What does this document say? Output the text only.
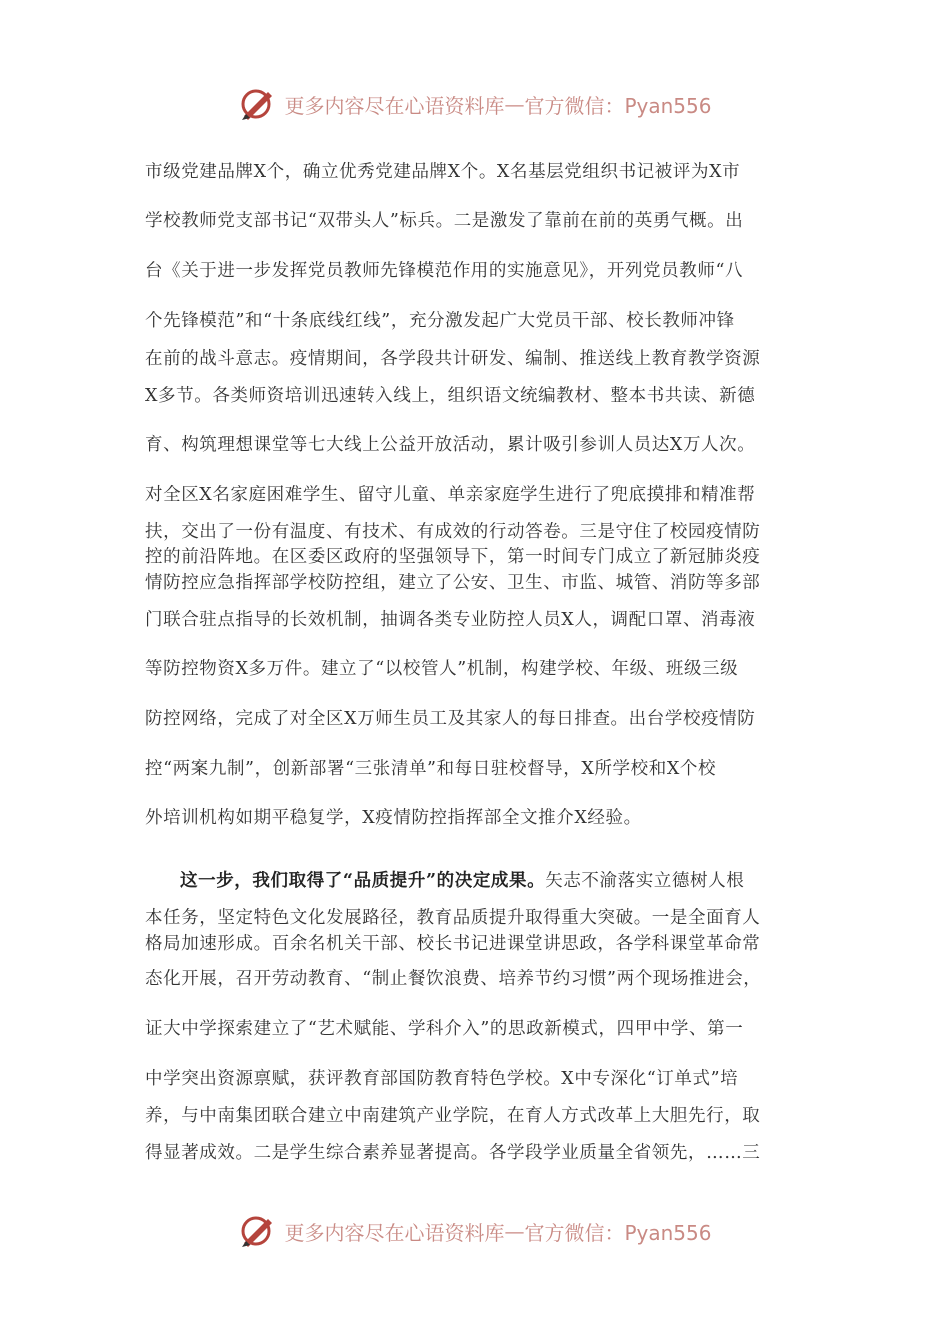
更多内容尽在心语资料库 — 官方微信：Pyan556
市级党建品牌X个，确立优秀党建品牌X个。X名基层党组织书记被评为X市
学校教师党支部书记“双带头人”标兵。二是激发了靠前在前的英勇气概。出
台《关于进一步发挥党员教师先锋模范作用的实施意见》，开列党员教师“八
个先锋模范”和“十条底线红线”，充分激发起广大党员干部、校长教师冲锋
在前的战斗意志。疫情期间，各学段共计研发、编制、推送线上教育教学资源
X多节。各类师资培训迅速转入线上，组织语文统编教材、整本书共读、新德
育、构筑理想课堂等七大线上公益开放活动，累计吸引参训人员达X万人次。
对全区X名家庭困难学生、留守儿童、单亲家庭学生进行了兜底摸排和精准帮
扶，交出了一份有温度、有技术、有成效的行动答卷。三是守住了校园疫情防
控的前沿阵地。在区委区政府的坚强领导下，第一时间专门成立了新冠肺炎疫
情防控应急指挥部学校防控组，建立了公安、卫生、市监、城管、消防等多部
门联合驻点指导的长效机制，抽调各类专业防控人员X人，调配口罩、消毒液
等防控物资X多万件。建立了“以校管人”机制，构建学校、年级、班级三级
防控网络，完成了对全区X万师生员工及其家人的每日排查。出台学校疫情防
控“两案九制”，创新部署“三张清单”和每日驻校督导，X所学校和X个校
外培训机构如期平稳复学，X疫情防控指挥部全文推介X经验。
这一步，我们取得了“品质提升”的决定成果。矢志不渝落实立德树人根
本任务，坚定特色文化发展路径，教育品质提升取得重大突破。一是全面育人
格局加速形成。百余名机关干部、校长书记进课堂讲思政，各学科课堂革命常
态化开展，召开劳动教育、“制止餐饮浪费、培养节约习惯”两个现场推进会，
证大中学探索建立了“艺术赋能、学科介入”的思政新模式，四甲中学、第一
中学突出资源禀赋，获评教育部国防教育特色学校。X中专深化“订单式”培
养，与中南集团联合建立中南建筑产业学院，在育人方式改革上大胆先行，取
得显著成效。二是学生综合素养显著提高。各学段学业质量全省领先，……三
更多内容尽在心语资料库 — 官方微信：Pyan556
